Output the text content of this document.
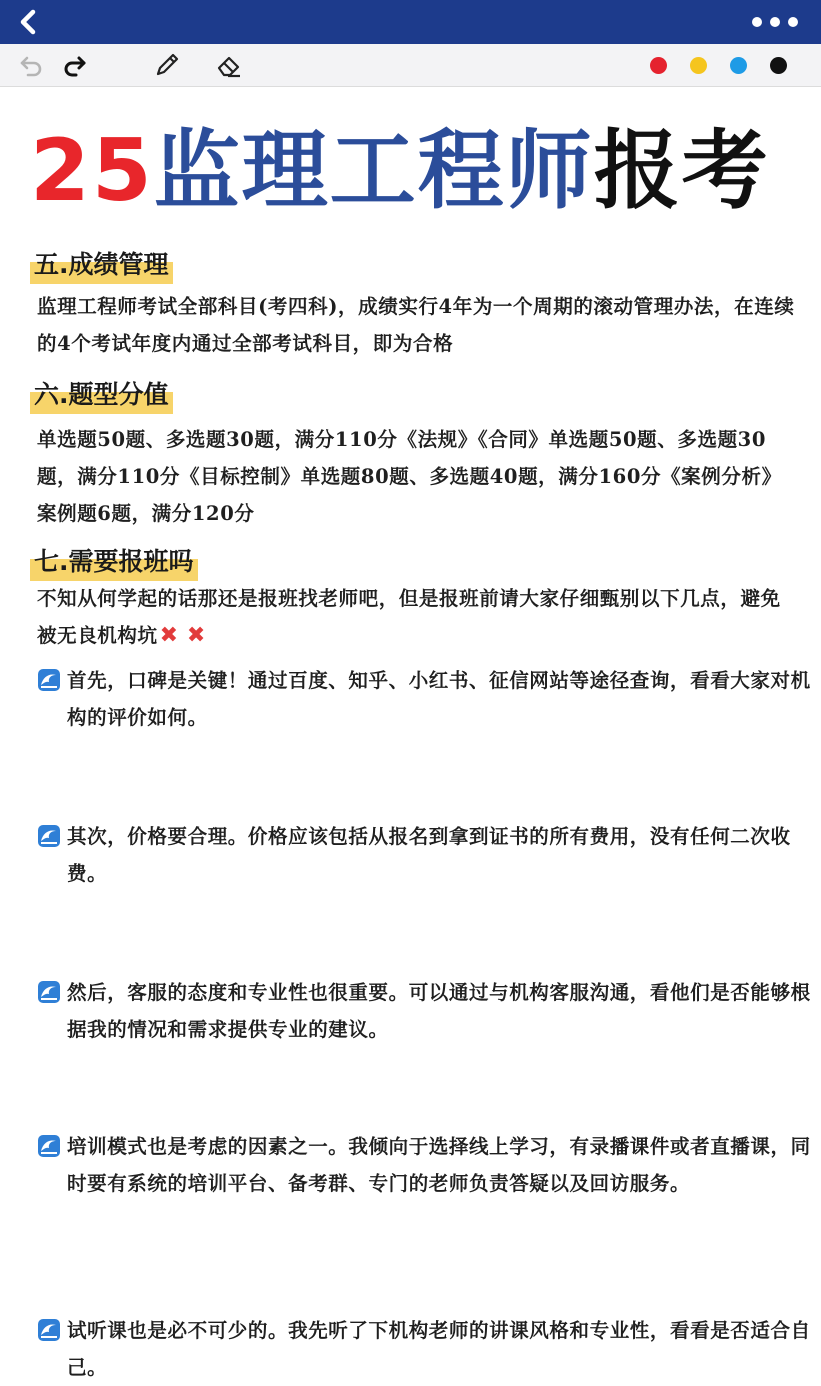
25监理工程师报考
五.成绩管理
监理工程师考试全部科目(考四科)，成绩实行4年为一个周期的滚动管理办法，在连续的4个考试年度内通过全部考试科目，即为合格
六.题型分值
单选题50题、多选题30题，满分110分《法规》《合同》单选题50题、多选题30题，满分110分《目标控制》单选题80题、多选题40题，满分160分《案例分析》案例题6题，满分120分
七.需要报班吗
不知从何学起的话那还是报班找老师吧，但是报班前请大家仔细甄别以下几点，避免被无良机构坑✖ ✖
首先，口碑是关键！通过百度、知乎、小红书、征信网站等途径查询，看看大家对机构的评价如何。
其次，价格要合理。价格应该包括从报名到拿到证书的所有费用，没有任何二次收费。
然后，客服的态度和专业性也很重要。可以通过与机构客服沟通，看他们是否能够根据我的情况和需求提供专业的建议。
培训模式也是考虑的因素之一。我倾向于选择线上学习，有录播课件或者直播课，同时要有系统的培训平台、备考群、专门的老师负责答疑以及回访服务。
试听课也是必不可少的。我先听了下机构老师的讲课风格和专业性，看看是否适合自己。
